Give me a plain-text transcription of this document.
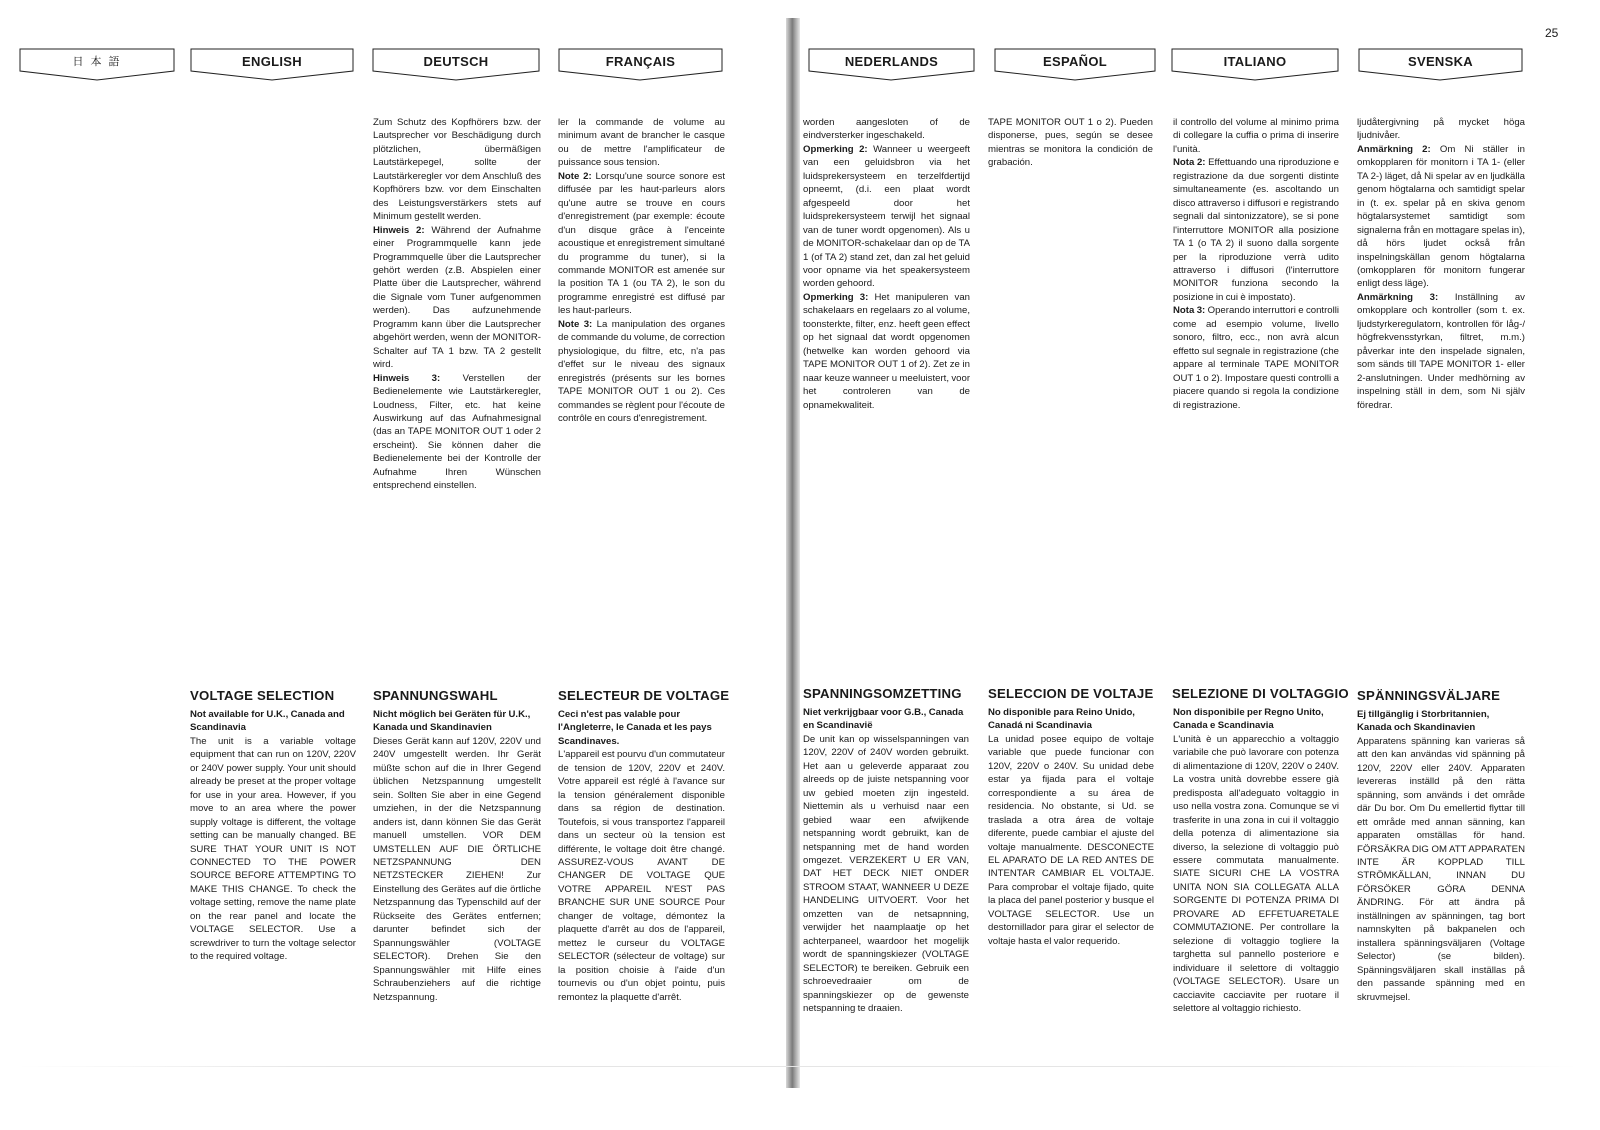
25
日 本 語	ENGLISH	DEUTSCH	FRANÇAIS	NEDERLANDS	ESPAÑOL	ITALIANO	SVENSKA

Zum Schutz des Kopfhörers bzw. der Lautsprecher vor Beschädigung durch plötzlichen, übermäßigen Lautstärkepegel, sollte der Lautstärkeregler vor dem Anschluß des Kopfhörers bzw. vor dem Einschalten des Leistungsverstärkers stets auf Minimum gestellt werden.

Hinweis 2: Während der Aufnahme einer Programmquelle kann jede Programmquelle über die Lautsprecher gehört werden (z.B. Abspielen einer Platte über die Lautsprecher, während die Signale vom Tuner aufgenommen werden). Das aufzunehmende Programm kann über die Lautsprecher abgehört werden, wenn der MONITOR-Schalter auf TA 1 bzw. TA 2 gestellt wird.

Hinweis 3: Verstellen der Bedienelemente wie Lautstärkeregler, Loudness, Filter, etc. hat keine Auswirkung auf das Aufnahmesignal (das an TAPE MONITOR OUT 1 oder 2 erscheint). Sie können daher die Bedienelemente bei der Kontrolle der Aufnahme Ihren Wünschen entsprechend einstellen.

ler la commande de volume au minimum avant de brancher le casque ou de mettre l'amplificateur de puissance sous tension.

Note 2: Lorsqu'une source sonore est diffusée par les haut-parleurs alors qu'une autre se trouve en cours d'enregistrement (par exemple: écoute d'un disque grâce à l'enceinte acoustique et enregistrement simultané du programme du tuner), si la commande MONITOR est amenée sur la position TA 1 (ou TA 2), le son du programme enregistré est diffusé par les haut-parleurs.

Note 3: La manipulation des organes de commande du volume, de correction physiologique, du filtre, etc, n'a pas d'effet sur le niveau des signaux enregistrés (présents sur les bornes TAPE MONITOR OUT 1 ou 2). Ces commandes se règlent pour l'écoute de contrôle en cours d'enregistrement.

worden aangesloten of de eindversterker ingeschakeld.

Opmerking 2: Wanneer u weergeeft van een geluidsbron via het luidsprekersysteem en terzelfdertijd opneemt, (d.i. een plaat wordt afgespeeld door het luidsprekersysteem terwijl het signaal van de tuner wordt opgenomen). Als u de MONITOR-schakelaar dan op de TA 1 (of TA 2) stand zet, dan zal het geluid voor opname via het speakersysteem worden gehoord.

Opmerking 3: Het manipuleren van schakelaars en regelaars zo al volume, toonsterkte, filter, enz. heeft geen effect op het signaal dat wordt opgenomen (hetwelke kan worden gehoord via TAPE MONITOR OUT 1 of 2). Zet ze in naar keuze wanneer u meeluistert, voor het controleren van de opnamekwaliteit.

TAPE MONITOR OUT 1 o 2). Pueden disponerse, pues, según se desee mientras se monitora la condición de grabación.

il controllo del volume al minimo prima di collegare la cuffia o prima di inserire l'unità.

Nota 2: Effettuando una riproduzione e registrazione da due sorgenti distinte simultaneamente (es. ascoltando un disco attraverso i diffusori e registrando segnali dal sintonizzatore), se si pone l'interruttore MONITOR alla posizione TA 1 (o TA 2) il suono dalla sorgente per la riproduzione verrà udito attraverso i diffusori (l'interruttore MONITOR funziona secondo la posizione in cui è impostato).

Nota 3: Operando interruttori e controlli come ad esempio volume, livello sonoro, filtro, ecc., non avrà alcun effetto sul segnale in registrazione (che appare al terminale TAPE MONITOR OUT 1 o 2). Impostare questi controlli a piacere quando si regola la condizione di registrazione.

ljudåtergivning på mycket höga ljudnivåer.

Anmärkning 2: Om Ni ställer in omkopplaren för monitorn i TA 1- (eller TA 2-) läget, då Ni spelar av en ljudkälla genom högtalarna och samtidigt spelar in (t. ex. spelar på en skiva genom högtalarsystemet samtidigt som signalerna från en mottagare spelas in), då hörs ljudet också från inspelningskällan genom högtalarna (omkopplaren för monitorn fungerar enligt dess läge).

Anmärkning 3: Inställning av omkopplare och kontroller (som t. ex. ljudstyrkeregulatorn, kontrollen för låg-/ högfrekvensstyrkan, filtret, m.m.) påverkar inte den inspelade signalen, som sänds till TAPE MONITOR 1- eller 2-anslutningen. Under medhörning av inspelning ställ in dem, som Ni själv föredrar.

VOLTAGE SELECTION	SPANNUNGSWAHL	SELECTEUR DE VOLTAGE	SPANNINGSOMZETTING SELECCION DE VOLTAJE SELEZIONE DI VOLTAGGIO SPÄNNINGSVÄLJARE

Not available for U.K., Canada and Scandinavia

The unit is a variable voltage equipment that can run on 120V, 220V or 240V power supply. Your unit should already be preset at the proper voltage for use in your area. However, if you move to an area where the power supply voltage is different, the voltage setting can be manually changed. BE SURE THAT YOUR UNIT IS NOT CONNECTED TO THE POWER SOURCE BEFORE ATTEMPTING TO MAKE THIS CHANGE. To check the voltage setting, remove the name plate on the rear panel and locate the VOLTAGE SELECTOR. Use a screwdriver to turn the voltage selector to the required voltage.

Nicht möglich bei Geräten für U.K., Kanada und Skandinavien

Dieses Gerät kann auf 120V, 220V und 240V umgestellt werden. Ihr Gerät müßte schon auf die in Ihrer Gegend üblichen Netzspannung umgestellt sein. Sollten Sie aber in eine Gegend umziehen, in der die Netzspannung anders ist, dann können Sie das Gerät manuell umstellen. VOR DEM UMSTELLEN AUF DIE ÖRTLICHE NETZSPANNUNG DEN NETZSTECKER ZIEHEN! Zur Einstellung des Gerätes auf die örtliche Netzspannung das Typenschild auf der Rückseite des Gerätes entfernen; darunter befindet sich der Spannungswähler (VOLTAGE SELECTOR). Drehen Sie den Spannungswähler mit Hilfe eines Schraubenziehers auf die richtige Netzspannung.

Ceci n'est pas valable pour l'Angleterre, le Canada et les pays Scandinaves.

L'appareil est pourvu d'un commutateur de tension de 120V, 220V et 240V. Votre appareil est réglé à l'avance sur la tension généralement disponible dans sa région de destination. Toutefois, si vous transportez l'appareil dans un secteur où la tension est différente, le voltage doit être changé. ASSUREZ-VOUS AVANT DE CHANGER DE VOLTAGE QUE VOTRE APPAREIL N'EST PAS BRANCHE SUR UNE SOURCE Pour changer de voltage, démontez la plaquette d'arrêt au dos de l'appareil, mettez le curseur du VOLTAGE SELECTOR (sélecteur de voltage) sur la position choisie à l'aide d'un tournevis ou d'un objet pointu, puis remontez la plaquette d'arrêt.

Niet verkrijgbaar voor G.B., Canada en Scandinavië

De unit kan op wisselspanningen van 120V, 220V of 240V worden gebruikt. Het aan u geleverde apparaat zou alreeds op de juiste netspanning voor uw gebied moeten zijn ingesteld. Niettemin als u verhuisd naar een gebied waar een afwijkende netspanning wordt gebruikt, kan de netspanning met de hand worden omgezet. VERZEKERT U ER VAN, DAT HET DECK NIET ONDER STROOM STAAT, WANNEER U DEZE HANDELING UITVOERT. Voor het omzetten van de netsapnning, verwijder het naamplaatje op het achterpaneel, waardoor het mogelijk wordt de spanningskiezer (VOLTAGE SELECTOR) te bereiken. Gebruik een schroevedraaier om de spanningskiezer op de gewenste netspanning te draaien.

No disponible para Reino Unido, Canadá ni Scandinavia

La unidad posee equipo de voltaje variable que puede funcionar con 120V, 220V o 240V. Su unidad debe estar ya fijada para el voltaje correspondiente a su área de residencia. No obstante, si Ud. se traslada a otra área de voltaje diferente, puede cambiar el ajuste del voltaje manualmente. DESCONECTE EL APARATO DE LA RED ANTES DE INTENTAR CAMBIAR EL VOLTAJE. Para comprobar el voltaje fijado, quite la placa del panel posterior y busque el VOLTAGE SELECTOR. Use un destornillador para girar el selector de voltaje hasta el valor requerido.

Non disponibile per Regno Unito, Canada e Scandinavia

L'unità è un apparecchio a voltaggio variabile che può lavorare con potenza di alimentazione di 120V, 220V o 240V. La vostra unità dovrebbe essere già predisposta all'adeguato voltaggio in uso nella vostra zona. Comunque se vi trasferite in una zona in cui il voltaggio della potenza di alimentazione sia diverso, la selezione di voltaggio può essere commutata manualmente. SIATE SICURI CHE LA VOSTRA UNITA NON SIA COLLEGATA ALLA SORGENTE DI POTENZA PRIMA DI PROVARE AD EFFETUARETALE COMMUTAZIONE. Per controllare la selezione di voltaggio togliere la targhetta sul pannello posteriore e individuare il selettore di voltaggio (VOLTAGE SELECTOR). Usare un cacciavite cacciavite per ruotare il selettore al voltaggio richiesto.

Ej tillgänglig i Storbritannien, Kanada och Skandinavien

Apparatens spänning kan varieras så att den kan användas vid spänning på 120V, 220V eller 240V. Apparaten levereras inställd på den rätta spänning, som används i det område där Du bor. Om Du emellertid flyttar till ett område med annan sänning, kan apparaten omställas för hand. FÖRSÄKRA DIG OM ATT APPARATEN INTE ÄR KOPPLAD TILL STRÖMKÄLLAN, INNAN DU FÖRSÖKER GÖRA DENNA ÄNDRING. För att ändra på inställningen av spänningen, tag bort namnskylten på bakpanelen och installera spänningsväljaren (Voltage Selector) (se bilden). Spänningsväljaren skall inställas på den passande spänning med en skruvmejsel.
